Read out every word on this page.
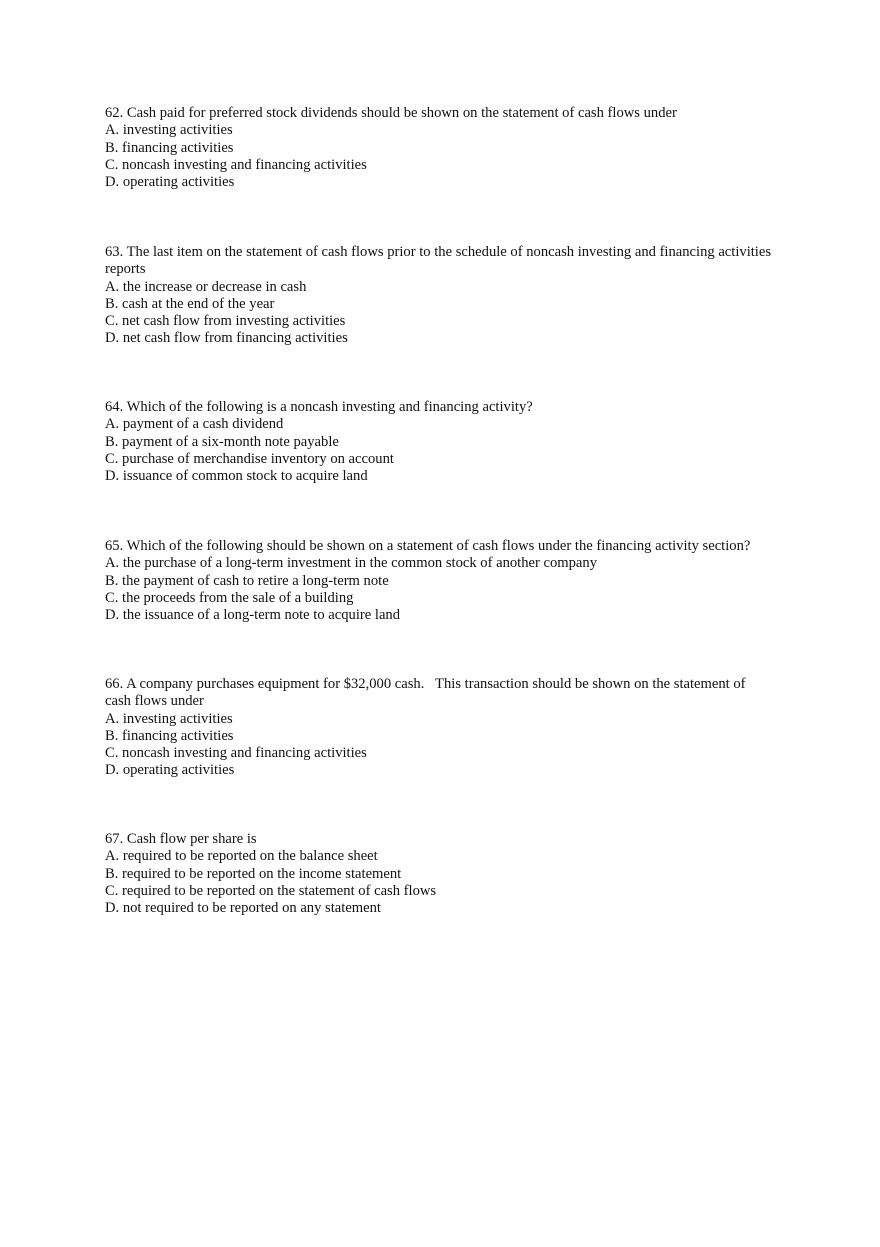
62. Cash paid for preferred stock dividends should be shown on the statement of cash flows under

A. investing activities

B. financing activities

C. noncash investing and financing activities

D. operating activities

63. The last item on the statement of cash flows prior to the schedule of noncash investing and financing activities reports

A. the increase or decrease in cash

B. cash at the end of the year

C. net cash flow from investing activities

D. net cash flow from financing activities

64. Which of the following is a noncash investing and financing activity?

A. payment of a cash dividend

B. payment of a six-month note payable

C. purchase of merchandise inventory on account

D. issuance of common stock to acquire land

65. Which of the following should be shown on a statement of cash flows under the financing activity section?

A. the purchase of a long-term investment in the common stock of another company

B. the payment of cash to retire a long-term note

C. the proceeds from the sale of a building

D. the issuance of a long-term note to acquire land

66. A company purchases equipment for $32,000 cash.   This transaction should be shown on the statement of cash flows under

A. investing activities

B. financing activities

C. noncash investing and financing activities

D. operating activities

67. Cash flow per share is

A. required to be reported on the balance sheet

B. required to be reported on the income statement

C. required to be reported on the statement of cash flows

D. not required to be reported on any statement
